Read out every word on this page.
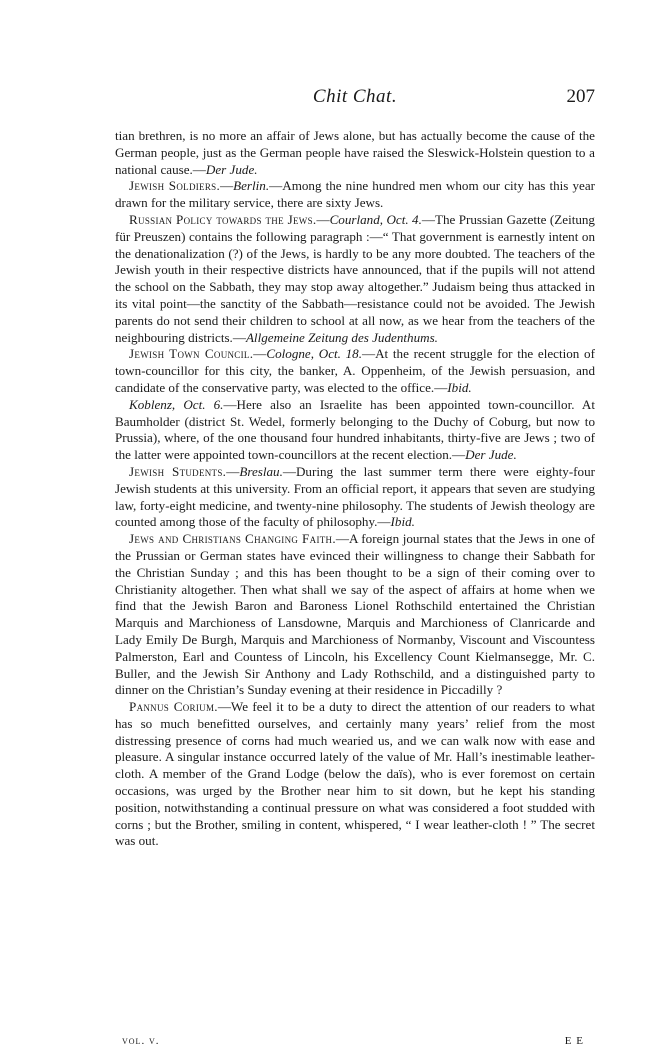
Chit Chat.	207

tian brethren, is no more an affair of Jews alone, but has actually become the cause of the German people, just as the German people have raised the Sleswick-Holstein question to a national cause.—Der Jude.

Jewish Soldiers.—Berlin.—Among the nine hundred men whom our city has this year drawn for the military service, there are sixty Jews.

Russian Policy towards the Jews.—Courland, Oct. 4.—The Prussian Gazette (Zeitung für Preuszen) contains the following paragraph :—“ That government is earnestly intent on the denationalization (?) of the Jews, is hardly to be any more doubted. The teachers of the Jewish youth in their respective districts have announced, that if the pupils will not attend the school on the Sabbath, they may stop away altogether.” Judaism being thus attacked in its vital point—the sanctity of the Sabbath—resistance could not be avoided. The Jewish parents do not send their children to school at all now, as we hear from the teachers of the neighbouring districts.—Allgemeine Zeitung des Judenthums.

Jewish Town Council.—Cologne, Oct. 18.—At the recent struggle for the election of town-councillor for this city, the banker, A. Oppenheim, of the Jewish persuasion, and candidate of the conservative party, was elected to the office.—Ibid.

Koblenz, Oct. 6.—Here also an Israelite has been appointed town-councillor. At Baumholder (district St. Wedel, formerly belonging to the Duchy of Coburg, but now to Prussia), where, of the one thousand four hundred inhabitants, thirty-five are Jews ; two of the latter were appointed town-councillors at the recent election.—Der Jude.

Jewish Students.—Breslau.—During the last summer term there were eighty-four Jewish students at this university. From an official report, it appears that seven are studying law, forty-eight medicine, and twenty-nine philosophy. The students of Jewish theology are counted among those of the faculty of philosophy.—Ibid.

Jews and Christians Changing Faith.—A foreign journal states that the Jews in one of the Prussian or German states have evinced their willingness to change their Sabbath for the Christian Sunday ; and this has been thought to be a sign of their coming over to Christianity altogether. Then what shall we say of the aspect of affairs at home when we find that the Jewish Baron and Baroness Lionel Rothschild entertained the Christian Marquis and Marchioness of Lansdowne, Marquis and Marchioness of Clanricarde and Lady Emily De Burgh, Marquis and Marchioness of Normanby, Viscount and Viscountess Palmerston, Earl and Countess of Lincoln, his Excellency Count Kielmansegge, Mr. C. Buller, and the Jewish Sir Anthony and Lady Rothschild, and a distinguished party to dinner on the Christian’s Sunday evening at their residence in Piccadilly ?

Pannus Corium.—We feel it to be a duty to direct the attention of our readers to what has so much benefitted ourselves, and certainly many years’ relief from the most distressing presence of corns had much wearied us, and we can walk now with ease and pleasure. A singular instance occurred lately of the value of Mr. Hall’s inestimable leather-cloth. A member of the Grand Lodge (below the daïs), who is ever foremost on certain occasions, was urged by the Brother near him to sit down, but he kept his standing position, notwithstanding a continual pressure on what was considered a foot studded with corns ; but the Brother, smiling in content, whispered, “ I wear leather-cloth ! ” The secret was out.

vol. v.	E E
